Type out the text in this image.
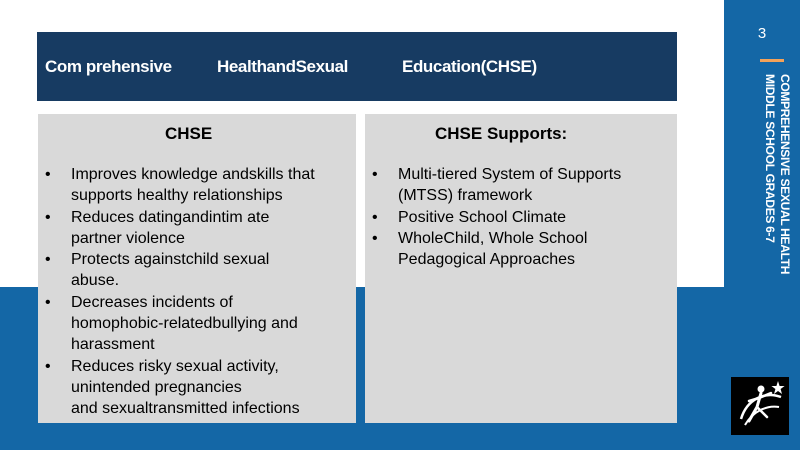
Com prehensive	HealthandSexual	Education(CHSE)
CHSE
• Improves knowledge andskills that
supports healthy relationships
• Reduces datingandintim ate
partner violence
• Protects againstchild sexual
abuse.
• Decreases incidents of
homophobic-relatedbullying and
harassment
• Reduces risky sexual activity,
unintended pregnancies
and sexualtransmitted infections
CHSE Supports:
• Multi-tiered System of Supports
(MTSS) framework
• Positive School Climate
• WholeChild, Whole School
Pedagogical Approaches
3
COMPREHENSIVE SEXUAL HEALTH
MIDDLE SCHOOL GRADES 6-7
